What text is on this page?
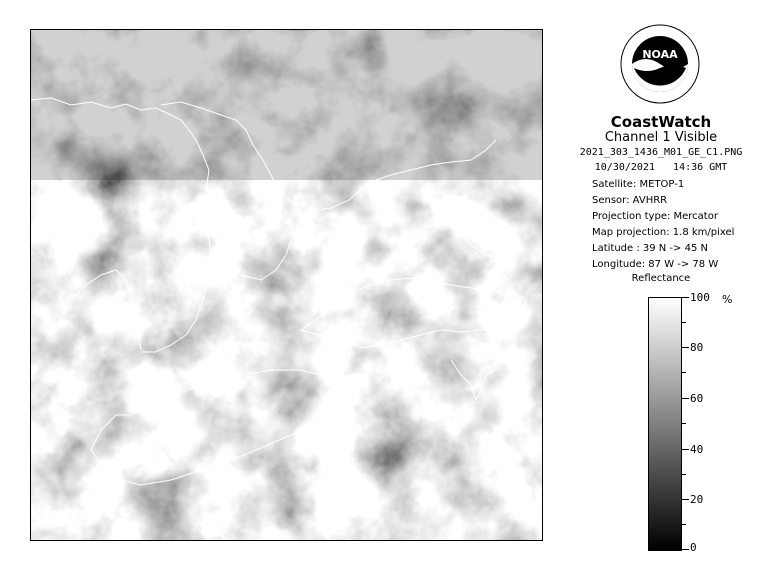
NOAA
CoastWatch
Channel 1 Visible
2021_303_1436_M01_GE_C1.PNG
10/30/2021 14:36 GMT
Satellite: METOP-1
Sensor: AVHRR
Projection type: Mercator
Map projection: 1.8 km/pixel
Latitude : 39 N -> 45 N
Longitude: 87 W -> 78 W
Reflectance
%
100
80
60
40
20
0
